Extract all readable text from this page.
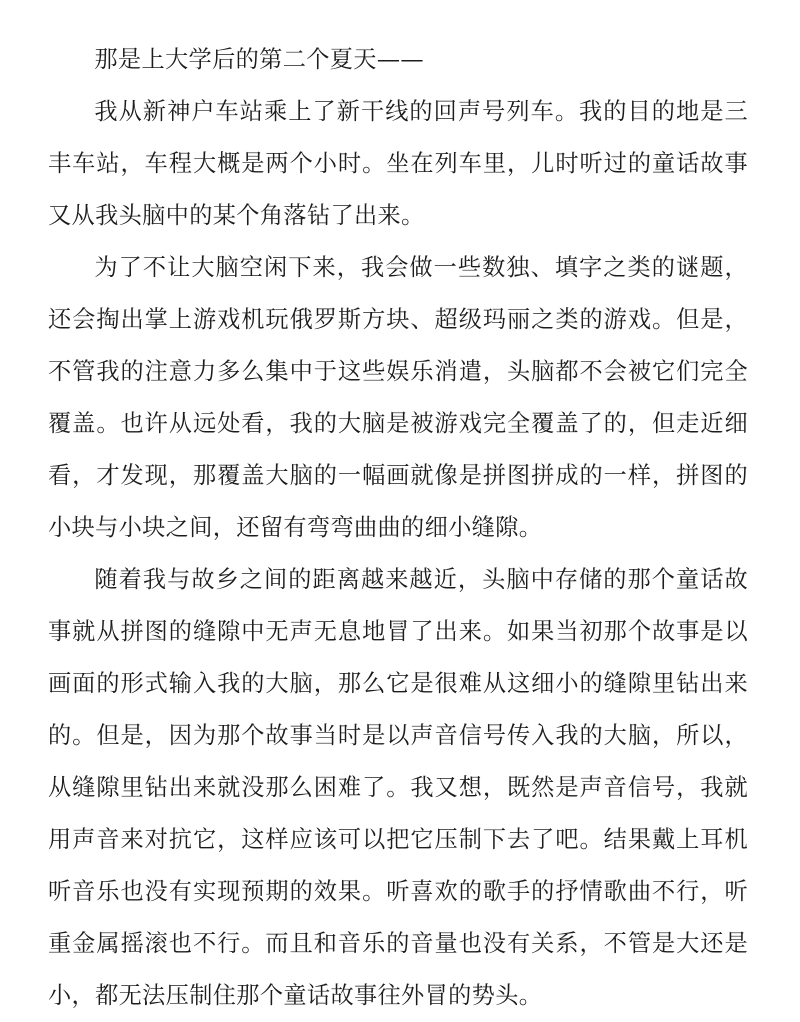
那是上大学后的第二个夏天——

我从新神户车站乘上了新干线的回声号列车。我的目的地是三丰车站，车程大概是两个小时。坐在列车里，儿时听过的童话故事又从我头脑中的某个角落钻了出来。

为了不让大脑空闲下来，我会做一些数独、填字之类的谜题，还会掏出掌上游戏机玩俄罗斯方块、超级玛丽之类的游戏。但是，不管我的注意力多么集中于这些娱乐消遣，头脑都不会被它们完全覆盖。也许从远处看，我的大脑是被游戏完全覆盖了的，但走近细看，才发现，那覆盖大脑的一幅画就像是拼图拼成的一样，拼图的小块与小块之间，还留有弯弯曲曲的细小缝隙。

随着我与故乡之间的距离越来越近，头脑中存储的那个童话故事就从拼图的缝隙中无声无息地冒了出来。如果当初那个故事是以画面的形式输入我的大脑，那么它是很难从这细小的缝隙里钻出来的。但是，因为那个故事当时是以声音信号传入我的大脑，所以，从缝隙里钻出来就没那么困难了。我又想，既然是声音信号，我就用声音来对抗它，这样应该可以把它压制下去了吧。结果戴上耳机听音乐也没有实现预期的效果。听喜欢的歌手的抒情歌曲不行，听重金属摇滚也不行。而且和音乐的音量也没有关系，不管是大还是小，都无法压制住那个童话故事往外冒的势头。
